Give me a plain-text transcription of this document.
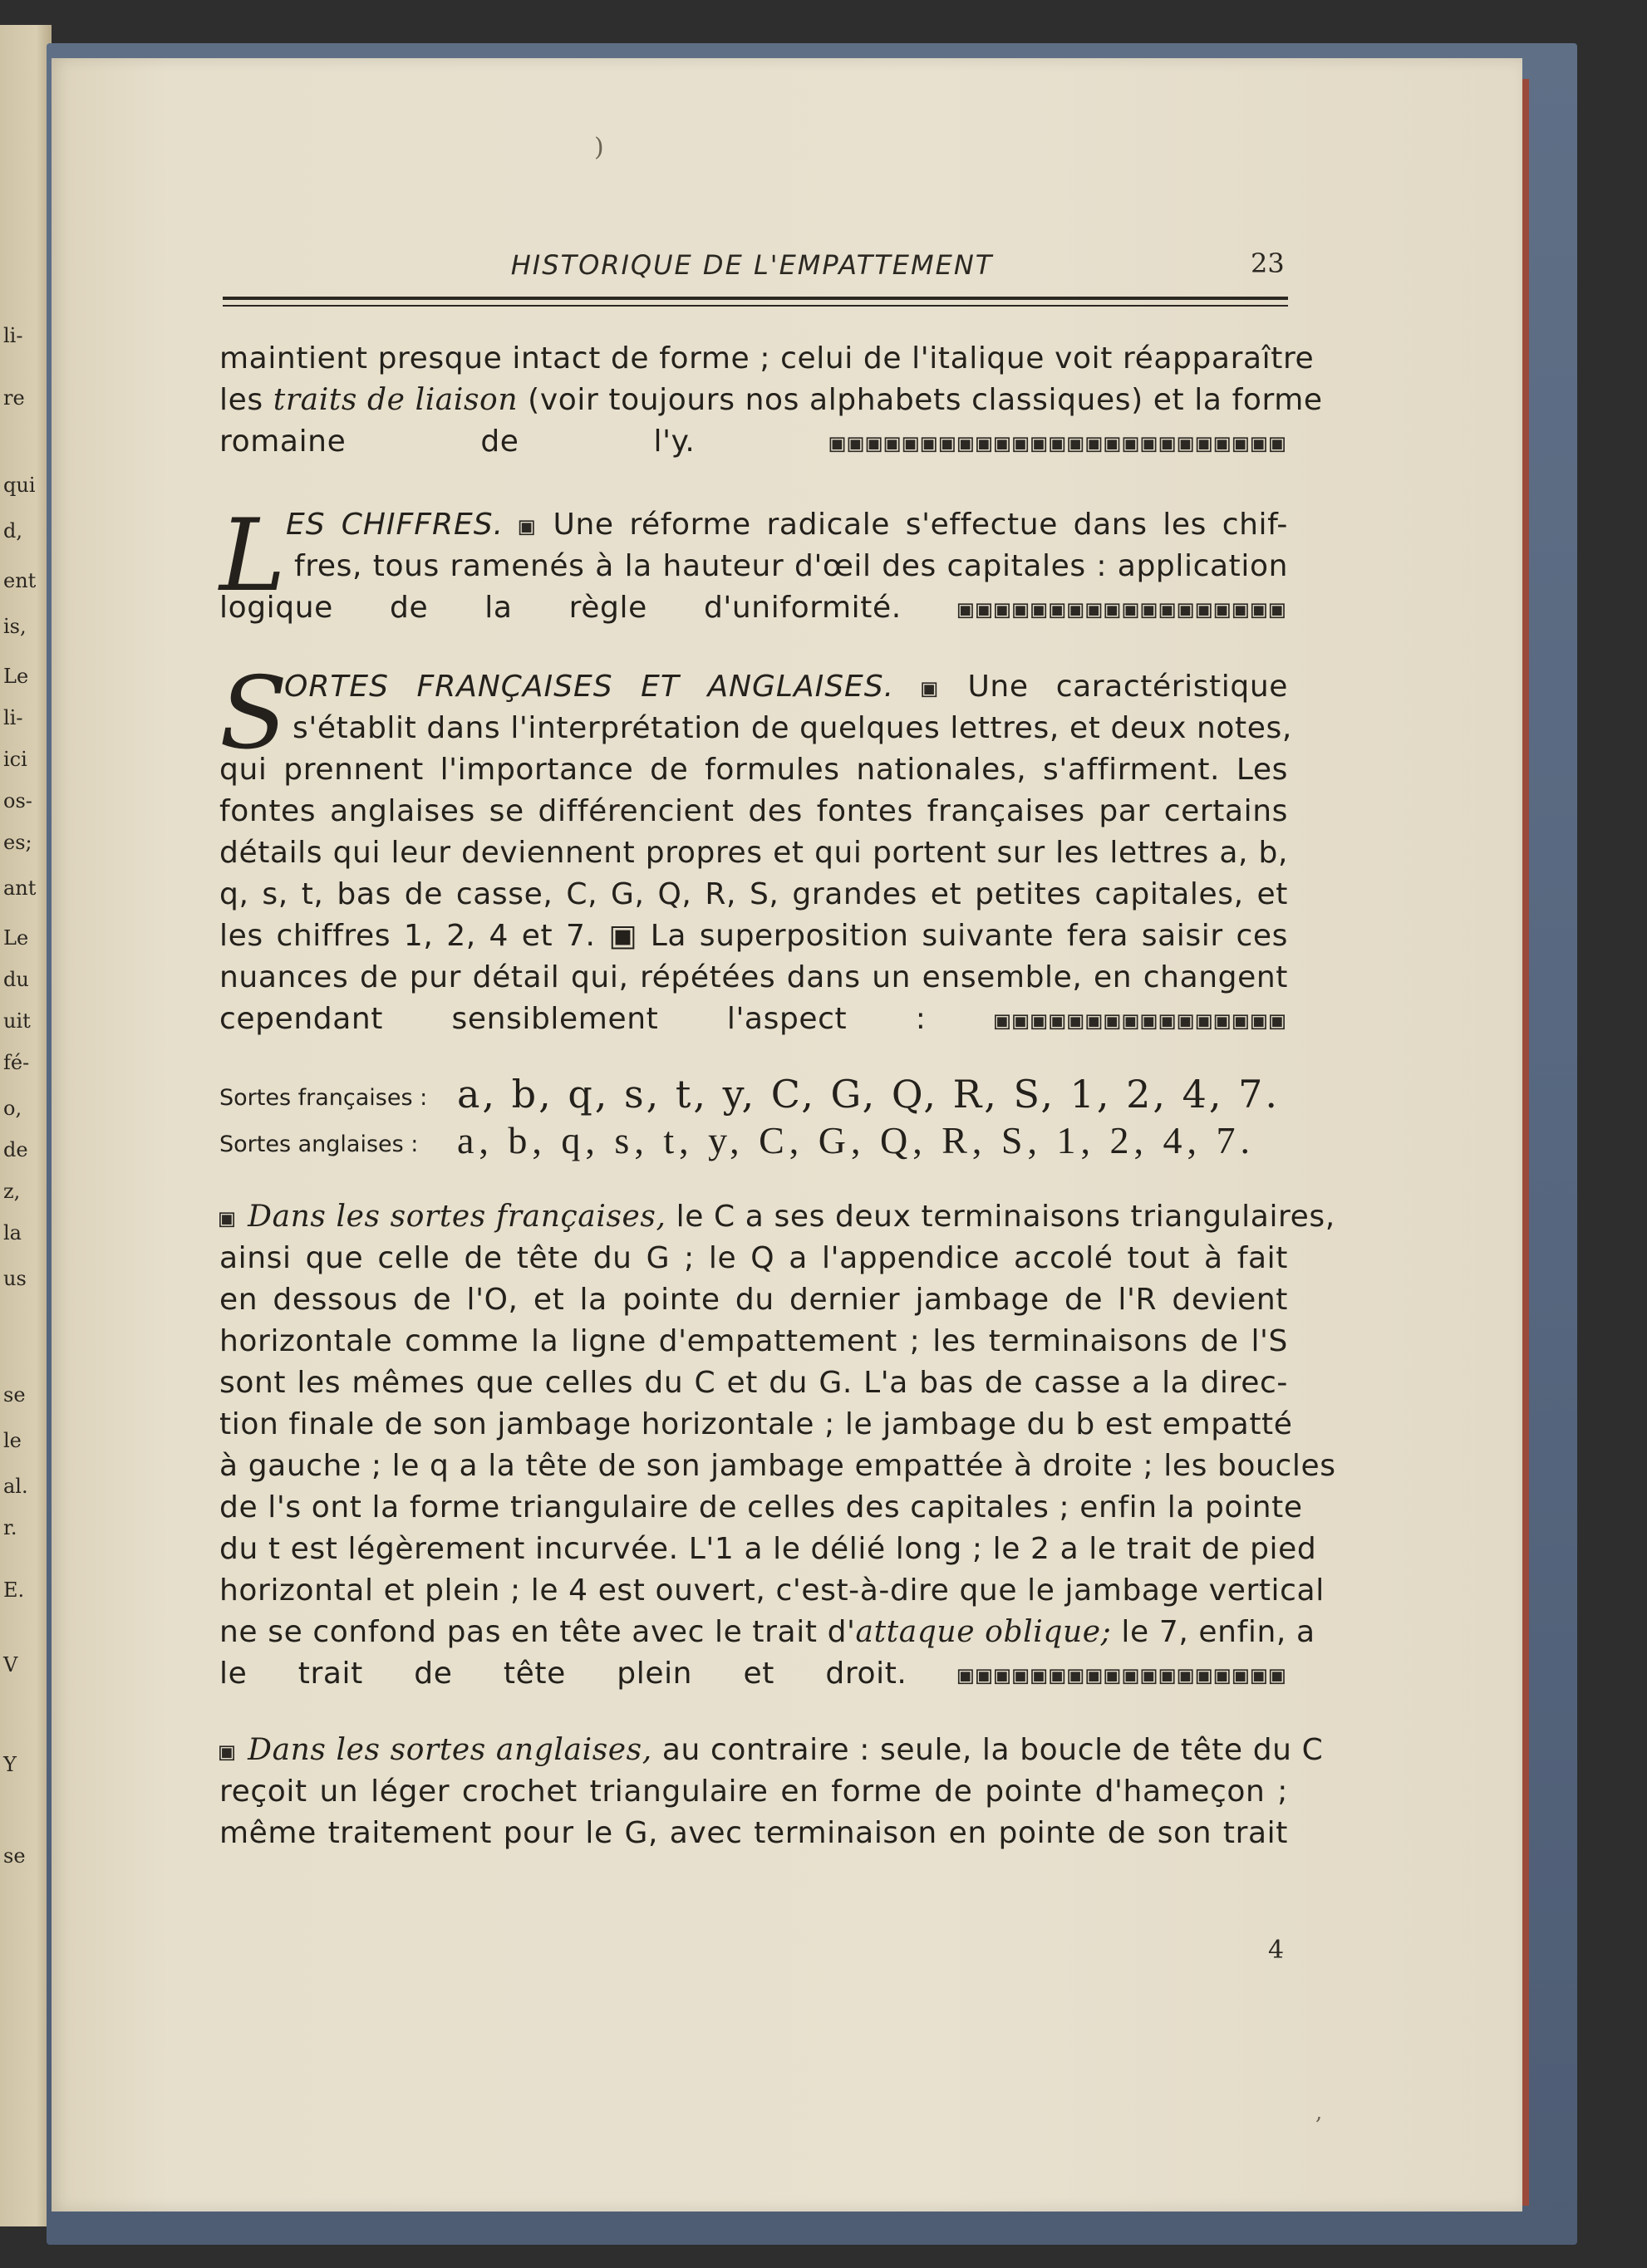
li-
re
qui
d,
ent
is,
Le
li-
ici
os-
es;
ant
Le
du
uit
fé-
o,
de
z,
la
us
se
le
al.
r.
E.
V
Y
se
)
HISTORIQUE DE L'EMPATTEMENT	23
maintient presque intact de forme ; celui de l'italique voit réapparaître
les traits de liaison (voir toujours nos alphabets classiques) et la forme
romaine de l'y.	▣▣▣▣▣▣▣▣▣▣▣▣▣▣▣▣▣▣▣▣▣▣▣▣▣
L ES CHIFFRES. ▣ Une réforme radicale s'effectue dans les chif-
fres, tous ramenés à la hauteur d'œil des capitales : application
logique de la règle d'uniformité. ▣▣▣▣▣▣▣▣▣▣▣▣▣▣▣▣▣▣
S
ORTES FRANÇAISES ET ANGLAISES. ▣ Une caractéristique
s'établit dans l'interprétation de quelques lettres, et deux notes,
qui prennent l'importance de formules nationales, s'affirment. Les
fontes anglaises se différencient des fontes françaises par certains
détails qui leur deviennent propres et qui portent sur les lettres a, b,
q, s, t, bas de casse, C, G, Q, R, S, grandes et petites capitales, et
les chiffres 1, 2, 4 et 7. ▣ La superposition suivante fera saisir ces
nuances de pur détail qui, répétées dans un ensemble, en changent
cependant sensiblement l'aspect :	▣▣▣▣▣▣▣▣▣▣▣▣▣▣▣▣
Sortes françaises : a, b, q, s, t, y, C, G, Q, R, S, 1, 2, 4, 7.
Sortes anglaises : a, b, q, s, t, y, C, G, Q, R, S, 1, 2, 4, 7.
▣ Dans les sortes françaises, le C a ses deux terminaisons triangulaires,
ainsi que celle de tête du G ; le Q a l'appendice accolé tout à fait
en dessous de l'O, et la pointe du dernier jambage de l'R devient
horizontale comme la ligne d'empattement ; les terminaisons de l'S
sont les mêmes que celles du C et du G. L'a bas de casse a la direc-
tion finale de son jambage horizontale ; le jambage du b est empatté
à gauche ; le q a la tête de son jambage empattée à droite ; les boucles
de l's ont la forme triangulaire de celles des capitales ; enfin la pointe
du t est légèrement incurvée. L'1 a le délié long ; le 2 a le trait de pied
horizontal et plein ; le 4 est ouvert, c'est-à-dire que le jambage vertical
ne se confond pas en tête avec le trait d'attaque oblique; le 7, enfin, a
le trait de tête plein et droit. ▣▣▣▣▣▣▣▣▣▣▣▣▣▣▣▣▣▣
▣ Dans les sortes anglaises, au contraire : seule, la boucle de tête du C
reçoit un léger crochet triangulaire en forme de pointe d'hameçon ;
même traitement pour le G, avec terminaison en pointe de son trait
4
,
